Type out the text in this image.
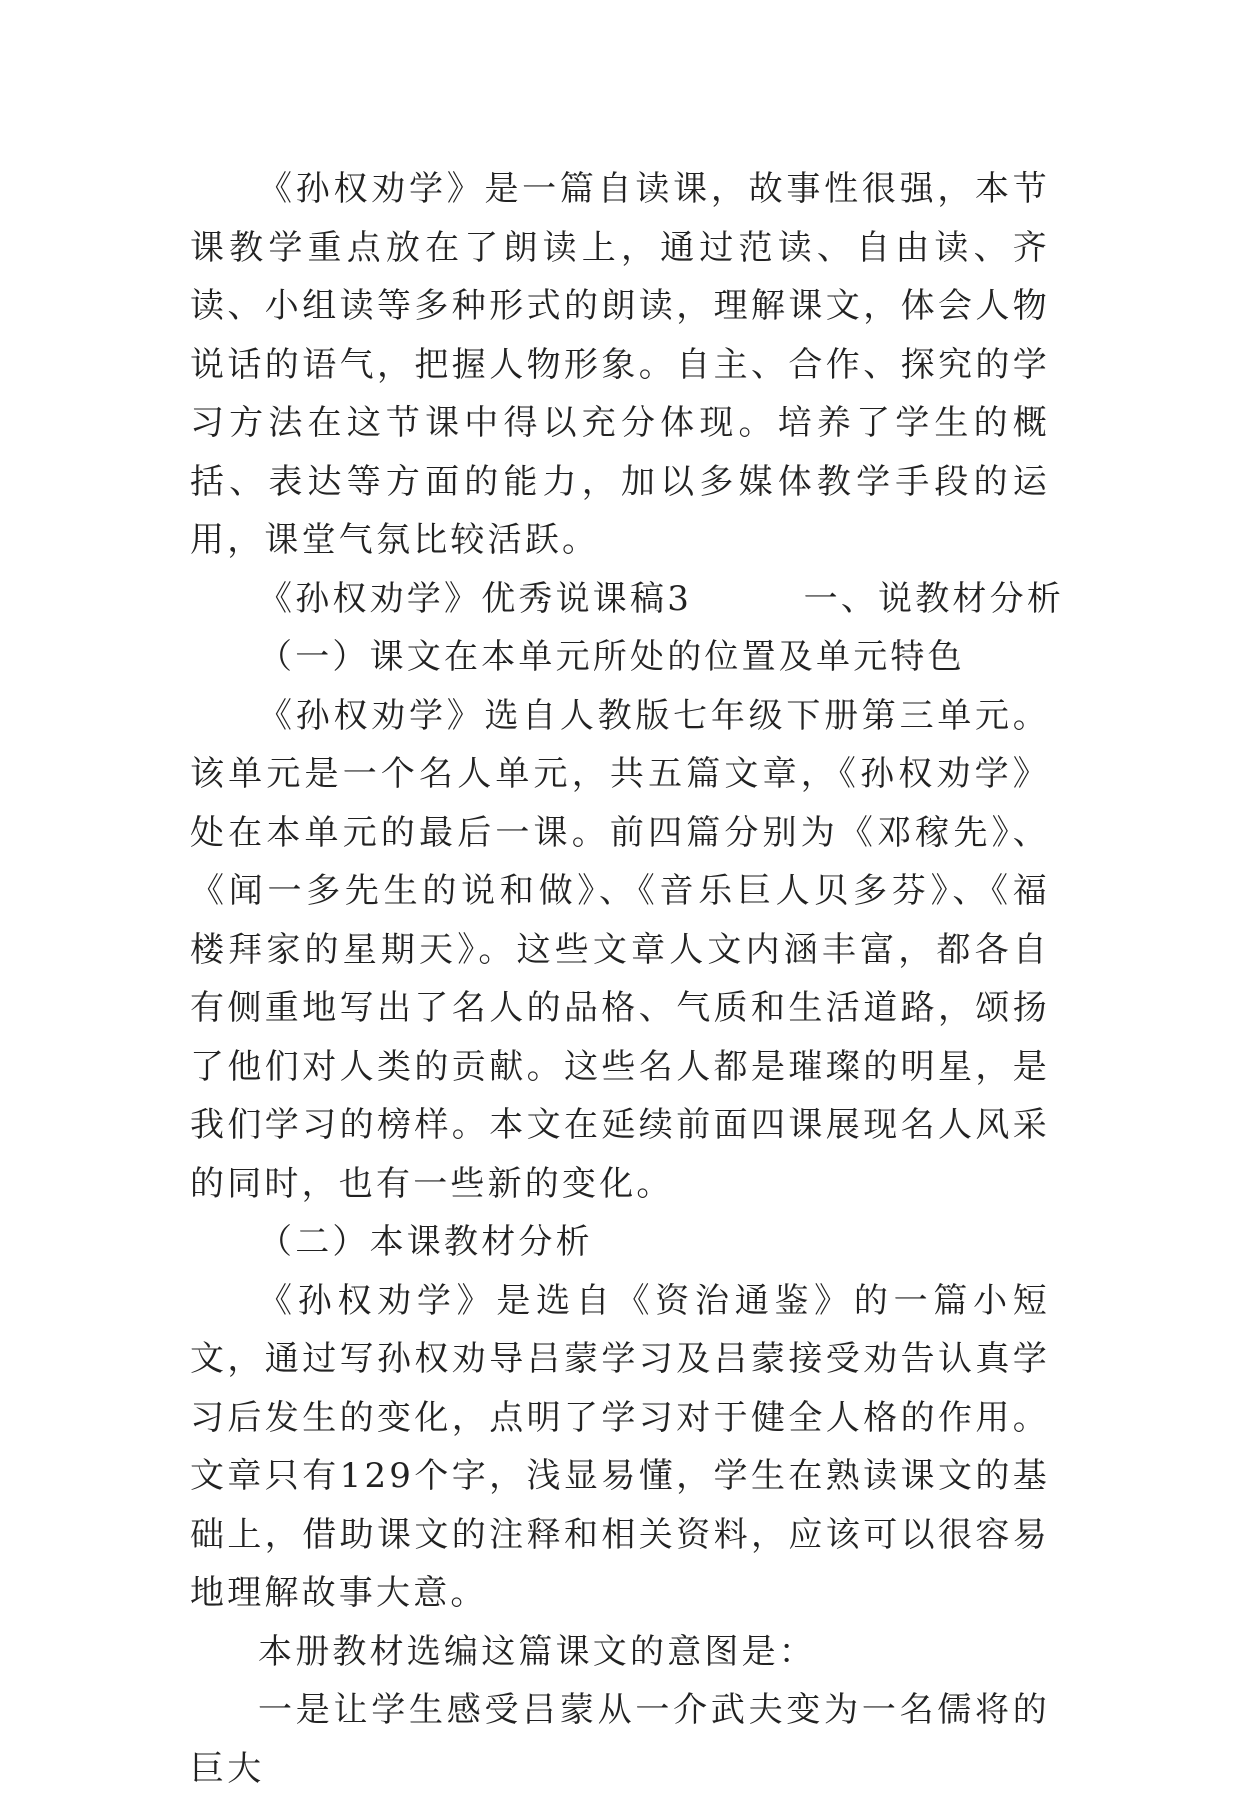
《孙权劝学》是一篇自读课，故事性很强，本节课教学重点放在了朗读上，通过范读、自由读、齐读、小组读等多种形式的朗读，理解课文，体会人物说话的语气，把握人物形象。自主、合作、探究的学习方法在这节课中得以充分体现。培养了学生的概括、表达等方面的能力，加以多媒体教学手段的运用，课堂气氛比较活跃。

《孙权劝学》优秀说课稿3　　　一、说教材分析

（一）课文在本单元所处的位置及单元特色

《孙权劝学》选自人教版七年级下册第三单元。该单元是一个名人单元，共五篇文章，《孙权劝学》处在本单元的最后一课。前四篇分别为《邓稼先》、《闻一多先生的说和做》、《音乐巨人贝多芬》、《福楼拜家的星期天》。这些文章人文内涵丰富，都各自有侧重地写出了名人的品格、气质和生活道路，颂扬了他们对人类的贡献。这些名人都是璀璨的明星，是我们学习的榜样。本文在延续前面四课展现名人风采的同时，也有一些新的变化。

（二）本课教材分析

《孙权劝学》是选自《资治通鉴》的一篇小短文，通过写孙权劝导吕蒙学习及吕蒙接受劝告认真学习后发生的变化，点明了学习对于健全人格的作用。文章只有129个字，浅显易懂，学生在熟读课文的基础上，借助课文的注释和相关资料，应该可以很容易地理解故事大意。

本册教材选编这篇课文的意图是：

一是让学生感受吕蒙从一介武夫变为一名儒将的巨大
